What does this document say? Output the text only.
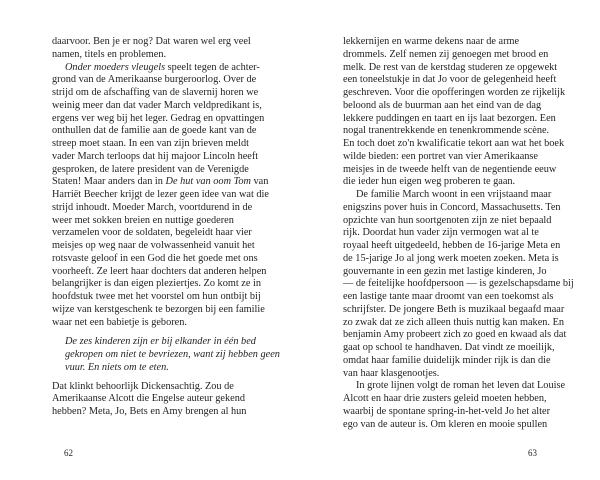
daarvoor. Ben je er nog? Dat waren wel erg veel
namen, titels en problemen.
Onder moeders vleugels speelt tegen de achter-
grond van de Amerikaanse burgeroorlog. Over de
strijd om de afschaffing van de slavernij horen we
weinig meer dan dat vader March veldpredikant is,
ergens ver weg bij het leger. Gedrag en opvattingen
onthullen dat de familie aan de goede kant van de
streep moet staan. In een van zijn brieven meldt
vader March terloops dat hij majoor Lincoln heeft
gesproken, de latere president van de Verenigde
Staten! Maar anders dan in De hut van oom Tom van
Harriët Beecher krijgt de lezer geen idee van wat die
strijd inhoudt. Moeder March, voortdurend in de
weer met sokken breien en nuttige goederen
verzamelen voor de soldaten, begeleidt haar vier
meisjes op weg naar de volwassenheid vanuit het
rotsvaste geloof in een God die het goede met ons
voorheeft. Ze leert haar dochters dat anderen helpen
belangrijker is dan eigen pleziertjes. Zo komt ze in
hoofdstuk twee met het voorstel om hun ontbijt bij
wijze van kerstgeschenk te bezorgen bij een familie
waar net een babietje is geboren.
De zes kinderen zijn er bij elkander in één bed
gekropen om niet te bevriezen, want zij hebben geen
vuur. En niets om te eten.
Dat klinkt behoorlijk Dickensachtig. Zou de
Amerikaanse Alcott die Engelse auteur gekend
hebben? Meta, Jo, Bets en Amy brengen al hun
62
lekkernijen en warme dekens naar de arme
drommels. Zelf nemen zij genoegen met brood en
melk. De rest van de kerstdag studeren ze opgewekt
een toneelstukje in dat Jo voor de gelegenheid heeft
geschreven. Voor die opofferingen worden ze rijkelijk
beloond als de buurman aan het eind van de dag
lekkere puddingen en taart en ijs laat bezorgen. Een
nogal tranentrekkende en tenenkrommende scène.
En toch doet zo'n kwalificatie tekort aan wat het boek
wilde bieden: een portret van vier Amerikaanse
meisjes in de tweede helft van de negentiende eeuw
die ieder hun eigen weg proberen te gaan.
De familie March woont in een vrijstaand maar
enigszins pover huis in Concord, Massachusetts. Ten
opzichte van hun soortgenoten zijn ze niet bepaald
rijk. Doordat hun vader zijn vermogen wat al te
royaal heeft uitgedeeld, hebben de 16-jarige Meta en
de 15-jarige Jo al jong werk moeten zoeken. Meta is
gouvernante in een gezin met lastige kinderen, Jo
— de feitelijke hoofdpersoon — is gezelschapsdame bij
een lastige tante maar droomt van een toekomst als
schrijfster. De jongere Beth is muzikaal begaafd maar
zo zwak dat ze zich alleen thuis nuttig kan maken. En
benjamin Amy probeert zich zo goed en kwaad als dat
gaat op school te handhaven. Dat vindt ze moeilijk,
omdat haar familie duidelijk minder rijk is dan die
van haar klasgenootjes.
In grote lijnen volgt de roman het leven dat Louise
Alcott en haar drie zusters geleid moeten hebben,
waarbij de spontane spring-in-het-veld Jo het alter
ego van de auteur is. Om kleren en mooie spullen
63
